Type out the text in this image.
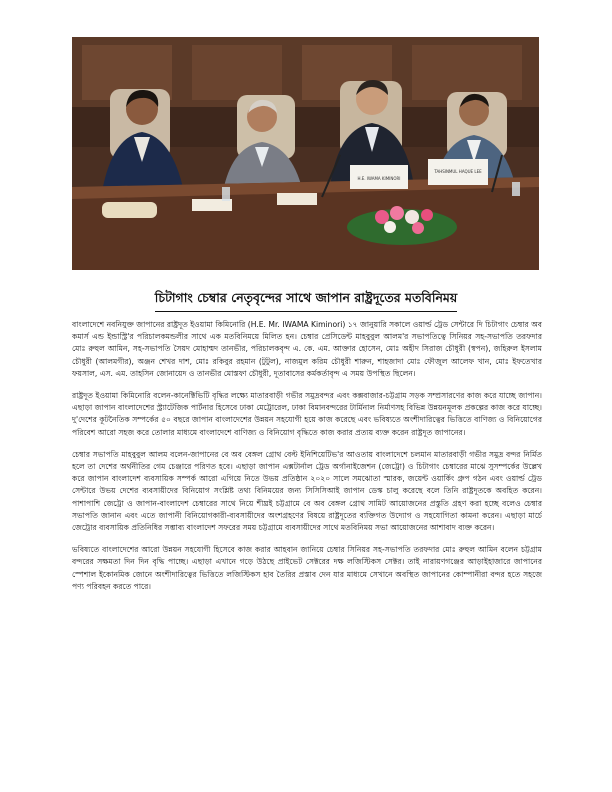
H.E. IWAMA KIMINORI
TAHSINMUL HAQUE LEE
চিটাগাং চেম্বার নেতৃবৃন্দের সাথে জাপান রাষ্ট্রদূতের মতবিনিময়

বাংলাদেশে নবনিযুক্ত জাপানের রাষ্ট্রদূত ইওয়ামা কিমিনোরি (H.E. Mr. IWAMA Kiminori) ১৭ জানুয়ারি সকালে ওয়ার্ল্ড ট্রেড সেন্টারে দি চিটাগাং চেম্বার অব কমার্স এন্ড ইন্ডাস্ট্রি'র পরিচালকমন্ডলীর সাথে এক মতবিনিময়ে মিলিত হন। চেম্বার প্রেসিডেন্ট মাহবুবুল আলম'র সভাপতিত্বে সিনিয়র সহ-সভাপতি তরফদার মোঃ রুহুল আমিন, সহ-সভাপতি সৈয়দ মোহাম্মদ তানভীর, পরিচালকবৃন্দ এ. কে. এম. আক্তার হোসেন, মোঃ অহীদ সিরাজ চৌধুরী (স্বপন), জহিরুল ইসলাম চৌধুরী (আলমগীর), অঞ্জন শেখর দাশ, মোঃ রকিবুর রহমান (টুটুল), নাজমুল করিম চৌধুরী শারুন, শাহজাদা মোঃ ফৌজুল আলেফ খান, মোঃ ইফতেখার ফয়সাল, এস. এম. তাহসিন জোনায়েদ ও তানভীর মোস্তফা চৌধুরী, দূতাবাসের কর্মকর্তাবৃন্দ এ সময় উপস্থিত ছিলেন।

রাষ্ট্রদূত ইওয়ামা কিমিনোরি বলেন-কানেক্টিভিটি বৃদ্ধির লক্ষ্যে মাতারবাড়ী গভীর সমুদ্রবন্দর এবং কক্সবাজার-চট্টগ্রাম সড়ক সম্প্রসারণের কাজ করে যাচ্ছে জাপান। এছাড়া জাপান বাংলাদেশের স্ট্র্যাটেজিক পার্টনার হিসেবে ঢাকা মেট্রোরেল, ঢাকা বিমানবন্দরের টার্মিনাল নির্মাণসহ বিভিন্ন উন্নয়নমূলক প্রকল্পের কাজ করে যাচ্ছে। দু'দেশের কূটনৈতিক সম্পর্কের ৫০ বছরে জাপান বাংলাদেশের উন্নয়ন সহযোগী হয়ে কাজ করেছে এবং ভবিষ্যতে অংশীদারিত্বের ভিত্তিতে বাণিজ্য ও বিনিয়োগের পরিবেশ আরো সহজ করে তোলার মাধ্যমে বাংলাদেশে বাণিজ্য ও বিনিয়োগ বৃদ্ধিতে কাজ করার প্রত্যয় ব্যক্ত করেন রাষ্ট্রদূত জাপানের।

চেম্বার সভাপতি মাহবুবুল আলম বলেন-জাপানের বে অব বেঙ্গল গ্রোথ বেল্ট ইনিশিয়েটিভ'র আওতায় বাংলাদেশে চলমান মাতারবাড়ী গভীর সমুদ্র বন্দর নির্মিত হলে তা দেশের অর্থনীতির গেম চেঞ্জারে পরিণত হবে। এছাড়া জাপান এক্সটার্নাল ট্রেড অর্গানাইজেশন (জেট্রো) ও চিটাগাং চেম্বারের মাঝে সুসম্পর্কের উল্লেখ করে জাপান বাংলাদেশ ব্যবসায়িক সম্পর্ক আরো এগিয়ে নিতে উভয় প্রতিষ্ঠান ২০২০ সালে সমঝোতা স্মারক, জয়েন্ট ওয়ার্কিং গ্রুপ গঠন এবং ওয়ার্ল্ড ট্রেড সেন্টারে উভয় দেশের ব্যবসায়ীদের বিনিয়োগ সংশ্লিষ্ট তথ্য বিনিময়ের জন্য সিসিসিআই জাপান ডেস্ক চালু করেছে বলে তিনি রাষ্ট্রদূতকে অবহিত করেন। পাশাপাশি জেট্রো ও জাপান-বাংলাদেশ চেম্বারের সাথে নিয়ে শীঘ্রই চট্টগ্রামে বে অব বেঙ্গল গ্রোথ সামিট আয়োজনের প্রস্তুতি গ্রহণ করা হচ্ছে বলেও চেম্বার সভাপতি জানান এবং এতে জাপানী বিনিয়োগকারী-ব্যবসায়ীদের অংশগ্রহণের বিষয়ে রাষ্ট্রদূতের ব্যক্তিগত উদ্যোগ ও সহযোগিতা কামনা করেন। এছাড়া মার্চে জেট্রোর ব্যবসায়িক প্রতিনিধির সম্ভাব্য বাংলাদেশ সফরের সময় চট্টগ্রামে ব্যবসায়ীদের সাথে মতবিনিময় সভা আয়োজনের আশাবাদ ব্যক্ত করেন।

ভবিষ্যতে বাংলাদেশের আরো উন্নয়ন সহযোগী হিসেবে কাজ করার আহবান জানিয়ে চেম্বার সিনিয়র সহ-সভাপতি তরফদার মোঃ রুহুল আমিন বলেন চট্টগ্রাম বন্দরের সক্ষমতা দিন দিন বৃদ্ধি পাচ্ছে। এছাড়া এখানে গড়ে উঠছে প্রাইভেট সেক্টরের দক্ষ লজিস্টিকস সেক্টর। তাই নারায়ণগঞ্জের আড়াইহাজারে জাপানের স্পেশাল ইকোনমিক জোনে অংশীদারিত্বের ভিত্তিতে লজিস্টিকস হাব তৈরির প্রস্তাব দেন যার মাধ্যমে সেখানে অবস্থিত জাপানের কোম্পানীরা বন্দর হতে সহজে পণ্য পরিবহন করতে পারে।
